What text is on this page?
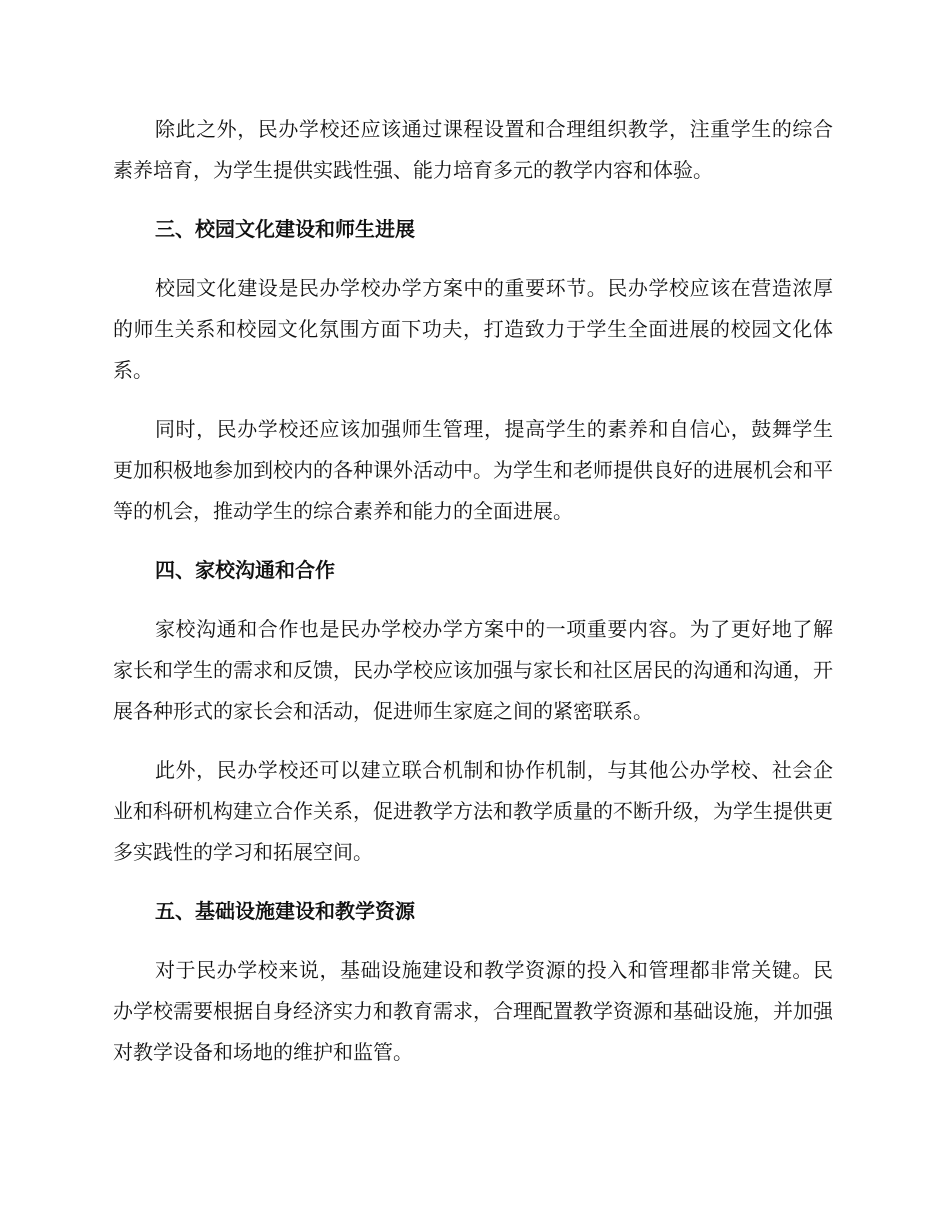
除此之外，民办学校还应该通过课程设置和合理组织教学，注重学生的综合素养培育，为学生提供实践性强、能力培育多元的教学内容和体验。

三、校园文化建设和师生进展

校园文化建设是民办学校办学方案中的重要环节。民办学校应该在营造浓厚的师生关系和校园文化氛围方面下功夫，打造致力于学生全面进展的校园文化体系。

同时，民办学校还应该加强师生管理，提高学生的素养和自信心，鼓舞学生更加积极地参加到校内的各种课外活动中。为学生和老师提供良好的进展机会和平等的机会，推动学生的综合素养和能力的全面进展。

四、家校沟通和合作

家校沟通和合作也是民办学校办学方案中的一项重要内容。为了更好地了解家长和学生的需求和反馈，民办学校应该加强与家长和社区居民的沟通和沟通，开展各种形式的家长会和活动，促进师生家庭之间的紧密联系。

此外，民办学校还可以建立联合机制和协作机制，与其他公办学校、社会企业和科研机构建立合作关系，促进教学方法和教学质量的不断升级，为学生提供更多实践性的学习和拓展空间。

五、基础设施建设和教学资源

对于民办学校来说，基础设施建设和教学资源的投入和管理都非常关键。民办学校需要根据自身经济实力和教育需求，合理配置教学资源和基础设施，并加强对教学设备和场地的维护和监管。
